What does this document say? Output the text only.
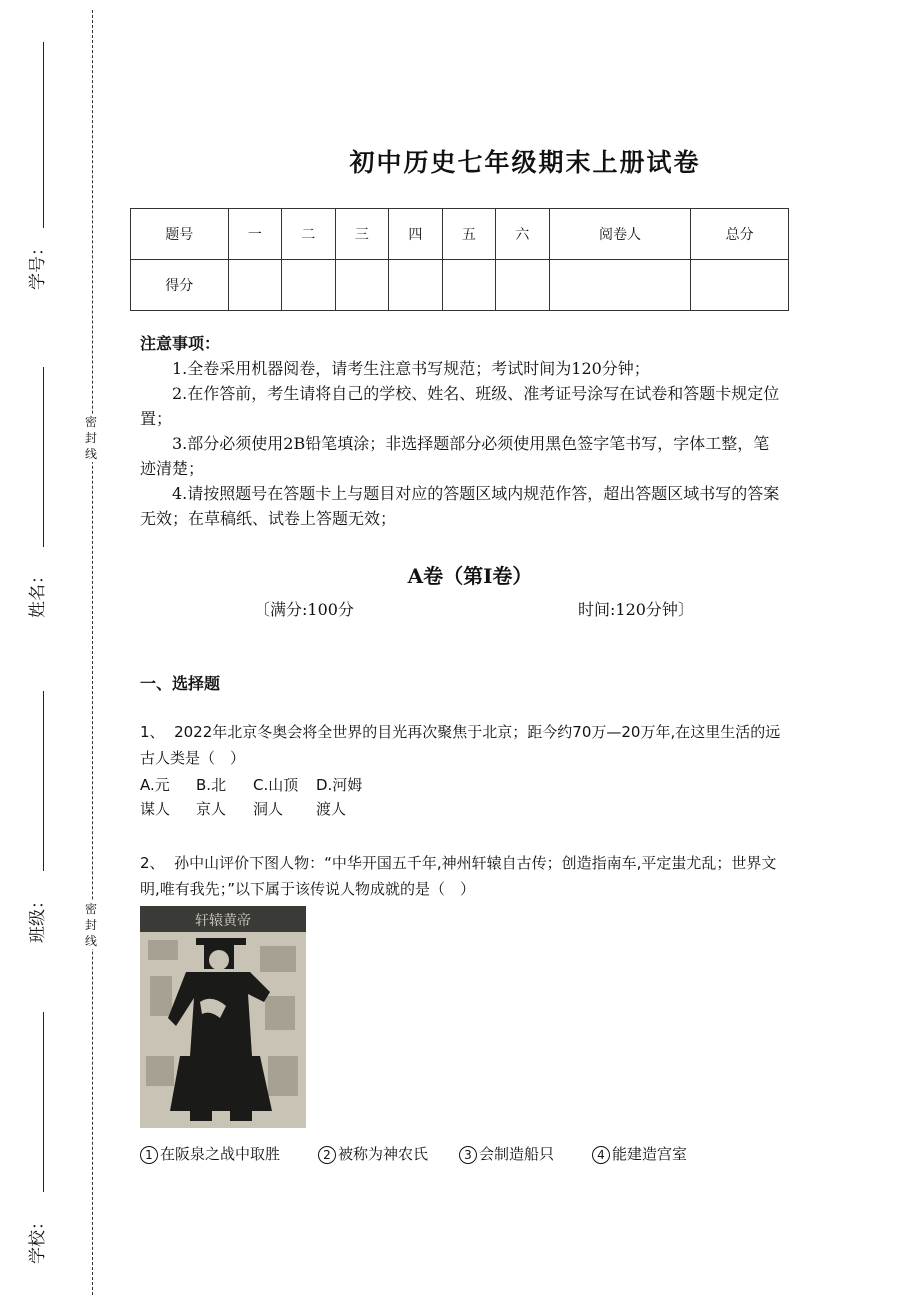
学号：
姓名：
班级：
学校：
密封线
密封线
初中历史七年级期末上册试卷
题号	一	二	三	四	五	六	阅卷人	总分
得分								

注意事项：

1.全卷采用机器阅卷，请考生注意书写规范；考试时间为120分钟；

2.在作答前，考生请将自己的学校、姓名、班级、准考证号涂写在试卷和答题卡规定位置；

3.部分必须使用2B铅笔填涂；非选择题部分必须使用黑色签字笔书写，字体工整，笔迹清楚；

4.请按照题号在答题卡上与题目对应的答题区域内规范作答，超出答题区域书写的答案无效；在草稿纸、试卷上答题无效；

A卷（第I卷）
〔满分:100分	时间:120分钟〕
一、选择题
1、 2022年北京冬奥会将全世界的目光再次聚焦于北京；距今约70万—20万年,在这里生活的远古人类是（　）
A.元
谋人
B.北
京人
C.山顶
洞人
D.河姆
渡人
2、 孙中山评价下图人物：“中华开国五千年,神州轩辕自古传；创造指南车,平定蚩尤乱；世界文明,唯有我先；”以下属于该传说人物成就的是（　）
轩辕黄帝
1 在阪泉之战中取胜	2 被称为神农氏	3 会制造船只	4 能建造宫室
